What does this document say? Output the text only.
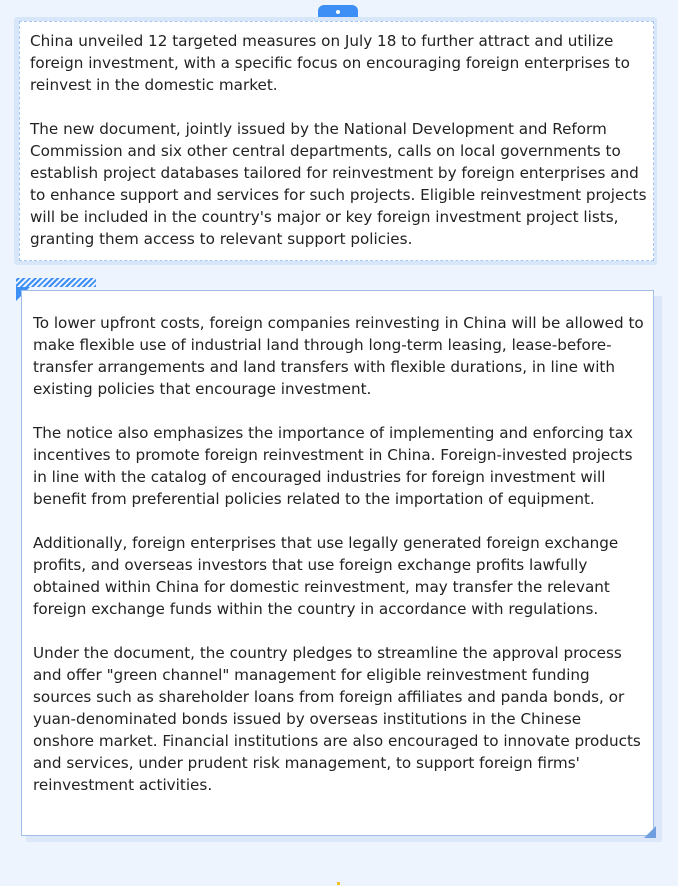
China unveiled 12 targeted measures on July 18 to further attract and utilize foreign investment, with a specific focus on encouraging foreign enterprises to reinvest in the domestic market.

The new document, jointly issued by the National Development and Reform Commission and six other central departments, calls on local governments to establish project databases tailored for reinvestment by foreign enterprises and to enhance support and services for such projects. Eligible reinvestment projects will be included in the country's major or key foreign investment project lists, granting them access to relevant support policies.

To lower upfront costs, foreign companies reinvesting in China will be allowed to make flexible use of industrial land through long-term leasing, lease-before-transfer arrangements and land transfers with flexible durations, in line with existing policies that encourage investment.

The notice also emphasizes the importance of implementing and enforcing tax incentives to promote foreign reinvestment in China. Foreign-invested projects in line with the catalog of encouraged industries for foreign investment will benefit from preferential policies related to the importation of equipment.

Additionally, foreign enterprises that use legally generated foreign exchange profits, and overseas investors that use foreign exchange profits lawfully obtained within China for domestic reinvestment, may transfer the relevant foreign exchange funds within the country in accordance with regulations.

Under the document, the country pledges to streamline the approval process and offer "green channel" management for eligible reinvestment funding sources such as shareholder loans from foreign affiliates and panda bonds, or yuan-denominated bonds issued by overseas institutions in the Chinese onshore market. Financial institutions are also encouraged to innovate products and services, under prudent risk management, to support foreign firms' reinvestment activities.
